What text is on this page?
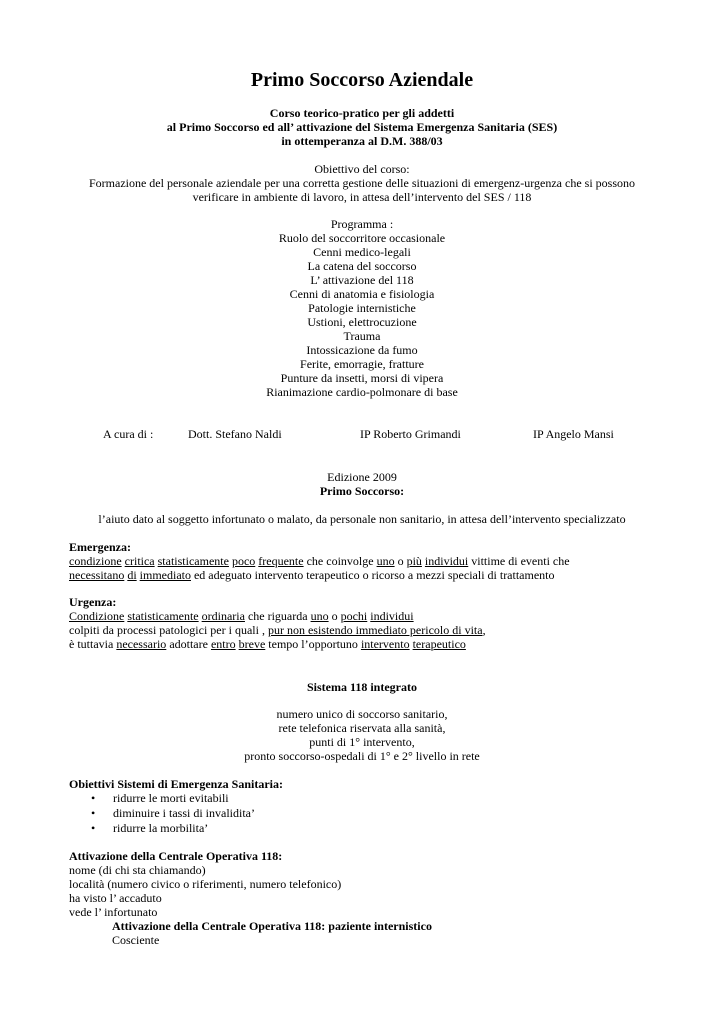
Primo Soccorso Aziendale
Corso teorico-pratico per gli addetti
al Primo Soccorso ed all’ attivazione del Sistema Emergenza Sanitaria (SES)
in ottemperanza al D.M. 388/03
Obiettivo del corso:
Formazione del personale aziendale per una corretta gestione delle situazioni di emergenz-urgenza che si possono
verificare in ambiente di lavoro, in attesa dell’intervento del SES / 118
Programma :
Ruolo del soccorritore occasionale
Cenni medico-legali
La catena del soccorso
L’ attivazione del 118
Cenni di anatomia e fisiologia
Patologie internistiche
Ustioni, elettrocuzione
Trauma
Intossicazione da fumo
Ferite, emorragie, fratture
Punture da insetti, morsi di vipera
Rianimazione cardio-polmonare di base
A cura di :	Dott. Stefano Naldi	IP Roberto Grimandi	IP Angelo Mansi
Edizione 2009
Primo Soccorso:
l’aiuto dato al soggetto infortunato o malato, da personale non sanitario, in attesa dell’intervento specializzato
Emergenza:
condizione critica statisticamente poco frequente che coinvolge uno o più individui vittime di eventi che
necessitano di immediato ed adeguato intervento terapeutico o ricorso a mezzi speciali di trattamento
Urgenza:
Condizione statisticamente ordinaria che riguarda uno o pochi individui
colpiti da processi patologici per i quali , pur non esistendo immediato pericolo di vita,
è tuttavia necessario adottare entro breve tempo l’opportuno intervento terapeutico
Sistema 118 integrato
numero unico di soccorso sanitario,
rete telefonica riservata alla sanità,
punti di 1° intervento,
pronto soccorso-ospedali di 1° e 2° livello in rete
Obiettivi Sistemi di Emergenza Sanitaria:
• ridurre le morti evitabili
• diminuire i tassi di invalidita’
• ridurre la morbilita’
Attivazione della Centrale Operativa 118:
nome (di chi sta chiamando)
località (numero civico o riferimenti, numero telefonico)
ha visto l’ accaduto
vede l’ infortunato
Attivazione della Centrale Operativa 118: paziente internistico
Cosciente
